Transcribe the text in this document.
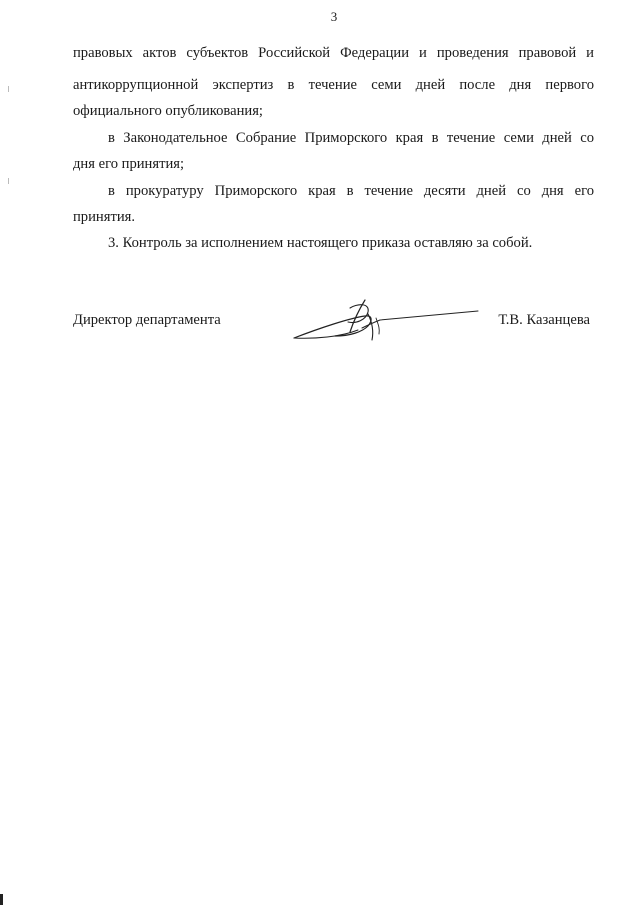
3
правовых актов субъектов Российской Федерации и проведения правовой и
антикоррупционной экспертиз в течение семи дней после дня первого
официального опубликования;
в Законодательное Собрание Приморского края в течение семи дней со
дня его принятия;
в прокуратуру Приморского края в течение десяти дней со дня его
принятия.
3. Контроль за исполнением настоящего приказа оставляю за собой.
Директор департамента	Т.В. Казанцева
